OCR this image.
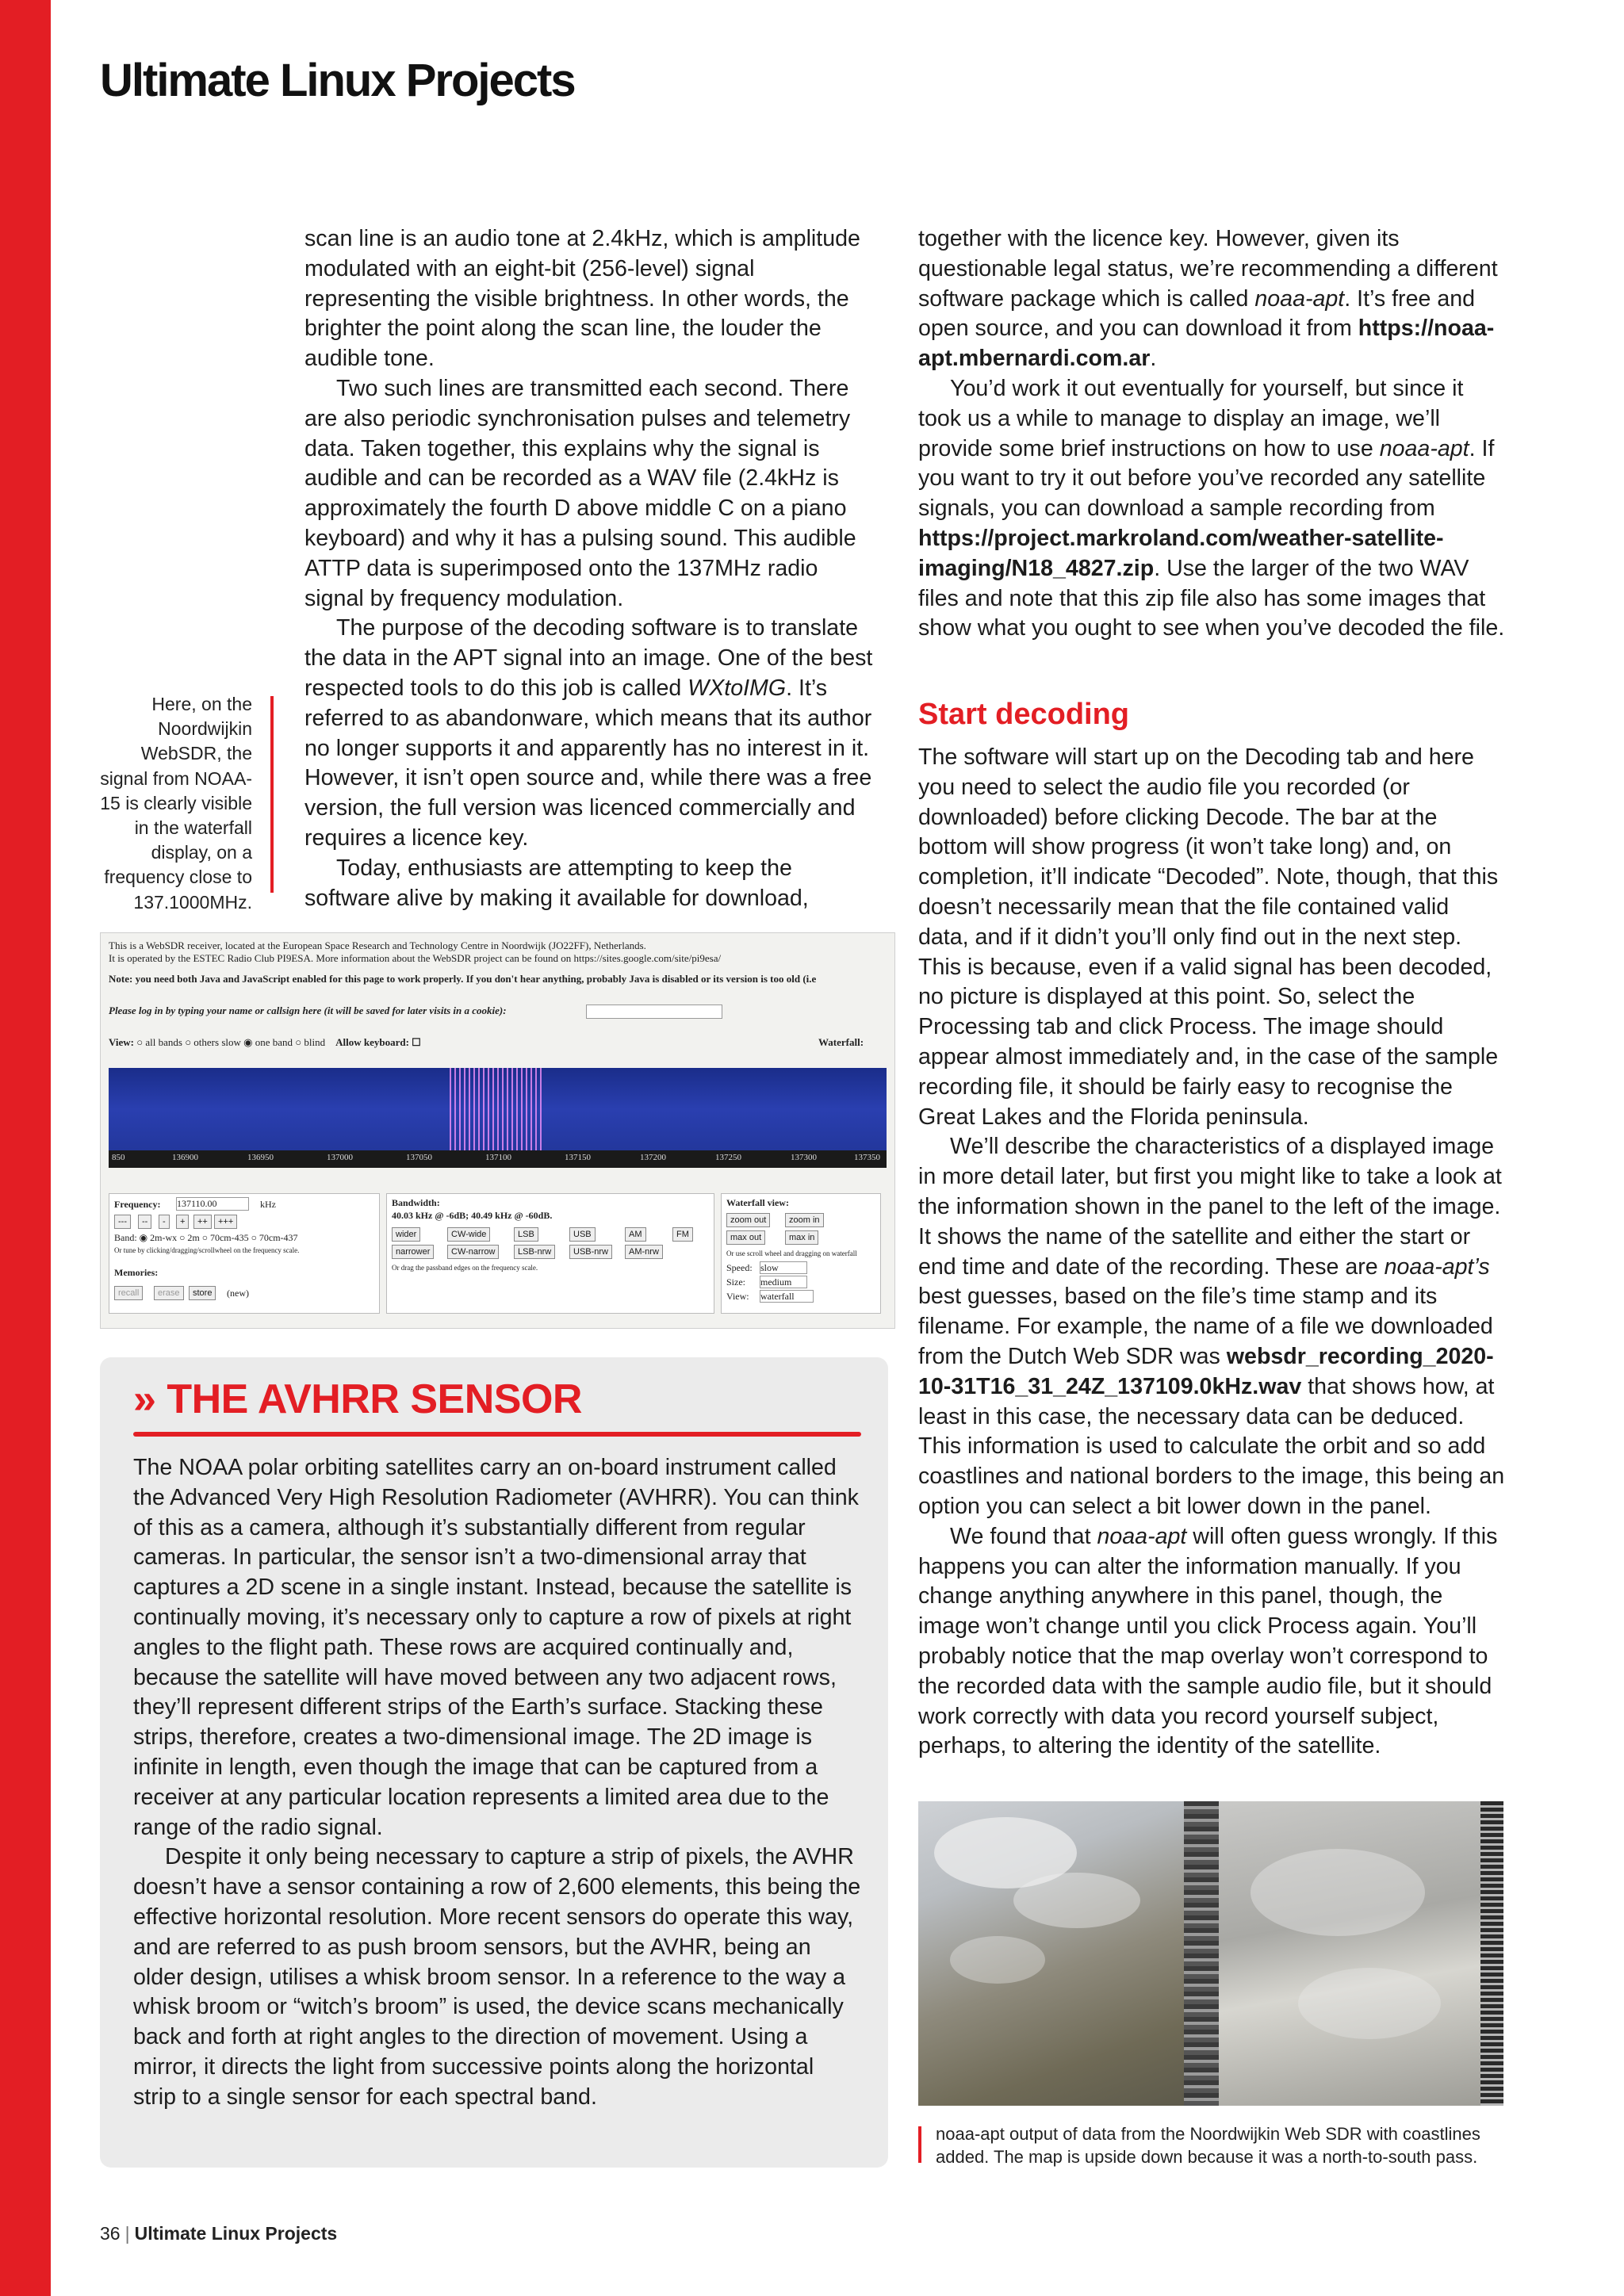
Ultimate Linux Projects

scan line is an audio tone at 2.4kHz, which is amplitude modulated with an eight-bit (256-level) signal representing the visible brightness. In other words, the brighter the point along the scan line, the louder the audible tone.

Two such lines are transmitted each second. There are also periodic synchronisation pulses and telemetry data. Taken together, this explains why the signal is audible and can be recorded as a WAV file (2.4kHz is approximately the fourth D above middle C on a piano keyboard) and why it has a pulsing sound. This audible ATTP data is superimposed onto the 137MHz radio signal by frequency modulation.

The purpose of the decoding software is to translate the data in the APT signal into an image. One of the best respected tools to do this job is called WXtoIMG. It’s referred to as abandonware, which means that its author no longer supports it and apparently has no interest in it. However, it isn’t open source and, while there was a free version, the full version was licenced commercially and requires a licence key.

Today, enthusiasts are attempting to keep the software alive by making it available for download,

Here, on the Noordwijkin WebSDR, the signal from NOAA-15 is clearly visible in the waterfall display, on a frequency close to 137.1000MHz.
This is a WebSDR receiver, located at the European Space Research and Technology Centre in Noordwijk (JO22FF), Netherlands.
It is operated by the ESTEC Radio Club PI9ESA. More information about the WebSDR project can be found on https://sites.google.com/site/pi9esa/
Note: you need both Java and JavaScript enabled for this page to work properly. If you don't hear anything, probably Java is disabled or its version is too old (i.e
Please log in by typing your name or callsign here (it will be saved for later visits in a cookie):
View: ○ all bands ○ others slow ◉ one band ○ blind Allow keyboard: ☐	Waterfall:
850	136900	136950	137000	137050	137100	137150	137200	137250	137300	137350
Frequency: 137110.00	kHz
---	--	-	+	++	+++
Band: ◉ 2m-wx ○ 2m ○ 70cm-435 ○ 70cm-437
Or tune by clicking/dragging/scrollwheel on the frequency scale.
Memories:
recall	erase	store	(new)
Bandwidth:
40.03 kHz @ -6dB; 40.49 kHz @ -60dB.
wider	CW-wide	LSB	USB	AM	FM
narrower	CW-narrow	LSB-nrw	USB-nrw	AM-nrw
Or drag the passband edges on the frequency scale.
Waterfall view:
zoom out	zoom in
max out	max in
Or use scroll wheel and dragging on waterfall
Speed: slow
Size: medium
View: waterfall
» THE AVHRR SENSOR

The NOAA polar orbiting satellites carry an on-board instrument called the Advanced Very High Resolution Radiometer (AVHRR). You can think of this as a camera, although it’s substantially different from regular cameras. In particular, the sensor isn’t a two-dimensional array that captures a 2D scene in a single instant. Instead, because the satellite is continually moving, it’s necessary only to capture a row of pixels at right angles to the flight path. These rows are acquired continually and, because the satellite will have moved between any two adjacent rows, they’ll represent different strips of the Earth’s surface. Stacking these strips, therefore, creates a two-dimensional image. The 2D image is infinite in length, even though the image that can be captured from a receiver at any particular location represents a limited area due to the range of the radio signal.

Despite it only being necessary to capture a strip of pixels, the AVHR doesn’t have a sensor containing a row of 2,600 elements, this being the effective horizontal resolution. More recent sensors do operate this way, and are referred to as push broom sensors, but the AVHR, being an older design, utilises a whisk broom sensor. In a reference to the way a whisk broom or “witch’s broom” is used, the device scans mechanically back and forth at right angles to the direction of movement. Using a mirror, it directs the light from successive points along the horizontal strip to a single sensor for each spectral band.

together with the licence key. However, given its questionable legal status, we’re recommending a different software package which is called noaa-apt. It’s free and open source, and you can download it from https://noaa-apt.mbernardi.com.ar.

You’d work it out eventually for yourself, but since it took us a while to manage to display an image, we’ll provide some brief instructions on how to use noaa-apt. If you want to try it out before you’ve recorded any satellite signals, you can download a sample recording from https://project.markroland.com/weather-satellite-imaging/N18_4827.zip. Use the larger of the two WAV files and note that this zip file also has some images that show what you ought to see when you’ve decoded the file.

Start decoding

The software will start up on the Decoding tab and here you need to select the audio file you recorded (or downloaded) before clicking Decode. The bar at the bottom will show progress (it won’t take long) and, on completion, it’ll indicate “Decoded”. Note, though, that this doesn’t necessarily mean that the file contained valid data, and if it didn’t you’ll only find out in the next step. This is because, even if a valid signal has been decoded, no picture is displayed at this point. So, select the Processing tab and click Process. The image should appear almost immediately and, in the case of the sample recording file, it should be fairly easy to recognise the Great Lakes and the Florida peninsula.

We’ll describe the characteristics of a displayed image in more detail later, but first you might like to take a look at the information shown in the panel to the left of the image. It shows the name of the satellite and either the start or end time and date of the recording. These are noaa-apt’s best guesses, based on the file’s time stamp and its filename. For example, the name of a file we downloaded from the Dutch Web SDR was websdr_recording_2020-10-31T16_31_24Z_137109.0kHz.wav that shows how, at least in this case, the necessary data can be deduced. This information is used to calculate the orbit and so add coastlines and national borders to the image, this being an option you can select a bit lower down in the panel.

We found that noaa-apt will often guess wrongly. If this happens you can alter the information manually. If you change anything anywhere in this panel, though, the image won’t change until you click Process again. You’ll probably notice that the map overlay won’t correspond to the recorded data with the sample audio file, but it should work correctly with data you record yourself subject, perhaps, to altering the identity of the satellite.

noaa-apt output of data from the Noordwijkin Web SDR with coastlines added. The map is upside down because it was a north-to-south pass.
36 | Ultimate Linux Projects
